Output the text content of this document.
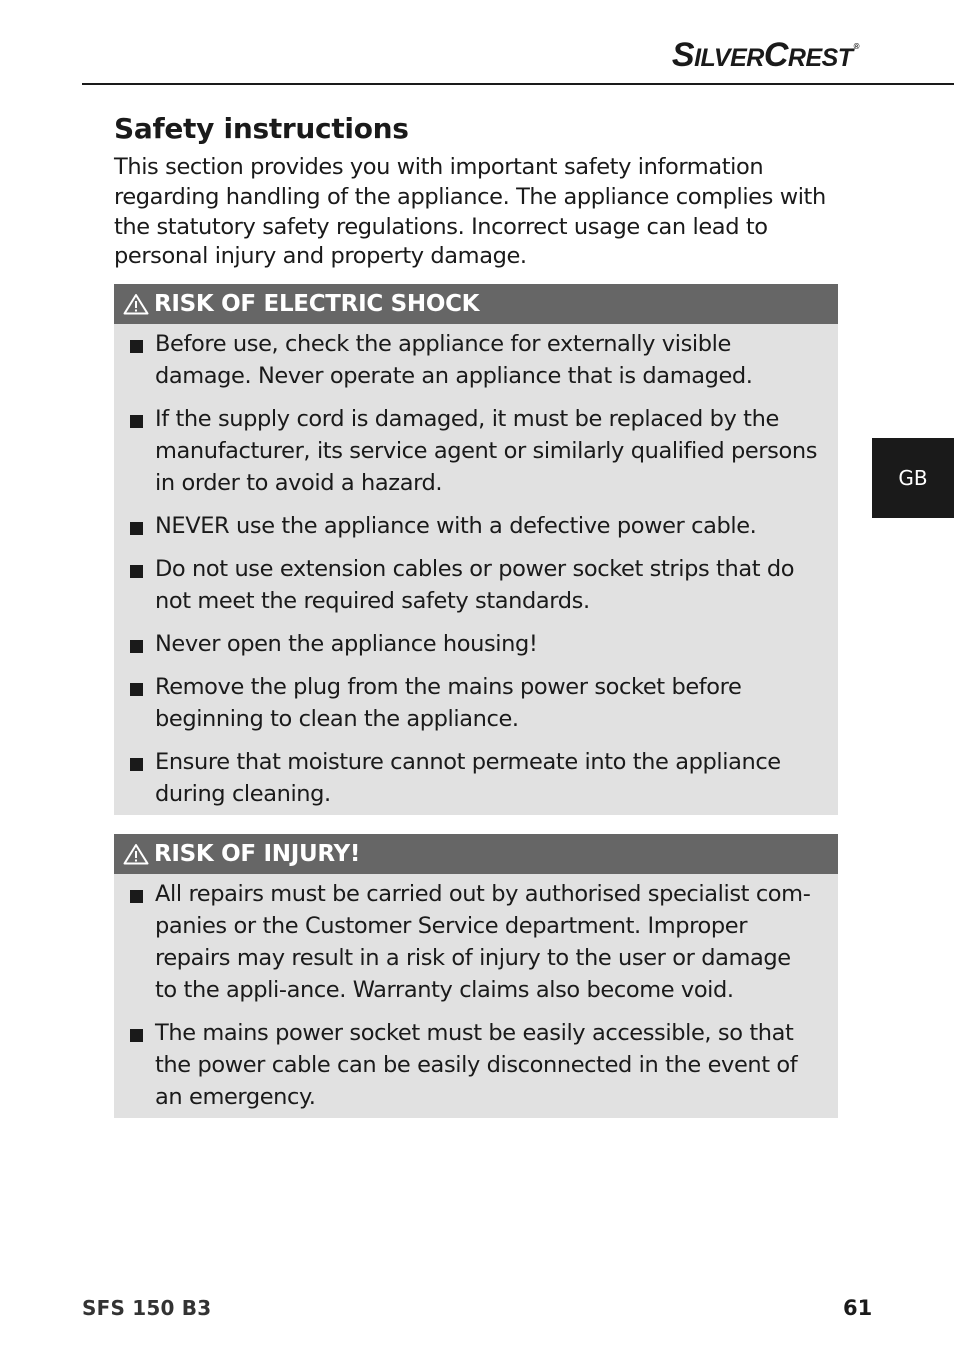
SILVERCREST®
GB
Safety instructions

This section provides you with important safety information regarding handling of the appliance. The appliance complies with the statutory safety regulations. Incorrect usage can lead to personal injury and property damage.

RISK OF ELECTRIC SHOCK
Before use, check the appliance for externally visible damage. Never operate an appliance that is damaged.
If the supply cord is damaged, it must be replaced by the manufacturer, its service agent or similarly qualified persons in order to avoid a hazard.
NEVER use the appliance with a defective power cable.
Do not use extension cables or power socket strips that do not meet the required safety standards.
Never open the appliance housing!
Remove the plug from the mains power socket before beginning to clean the appliance.
Ensure that moisture cannot permeate into the appliance during cleaning.
RISK OF INJURY!
All repairs must be carried out by authorised specialist com-panies or the Customer Service department. Improper repairs may result in a risk of injury to the user or damage to the appli-ance. Warranty claims also become void.
The mains power socket must be easily accessible, so that the power cable can be easily disconnected in the event of an emergency.
SFS 150 B3	61
